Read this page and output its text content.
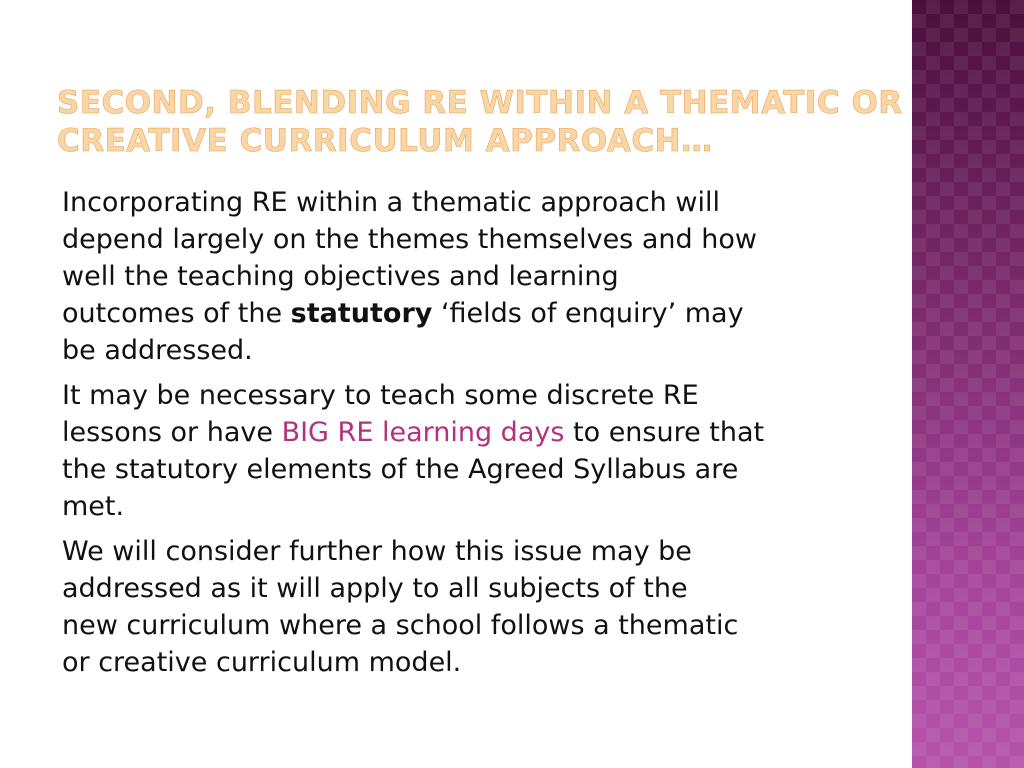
SECOND, BLENDING RE WITHIN A THEMATIC OR
CREATIVE CURRICULUM APPROACH…

Incorporating RE within a thematic approach will
depend largely on the themes themselves and how
well the teaching objectives and learning
outcomes of the statutory ‘fields of enquiry’ may
be addressed.

It may be necessary to teach some discrete RE
lessons or have BIG RE learning days to ensure that
the statutory elements of the Agreed Syllabus are
met.

We will consider further how this issue may be
addressed as it will apply to all subjects of the
new curriculum where a school follows a thematic
or creative curriculum model.
